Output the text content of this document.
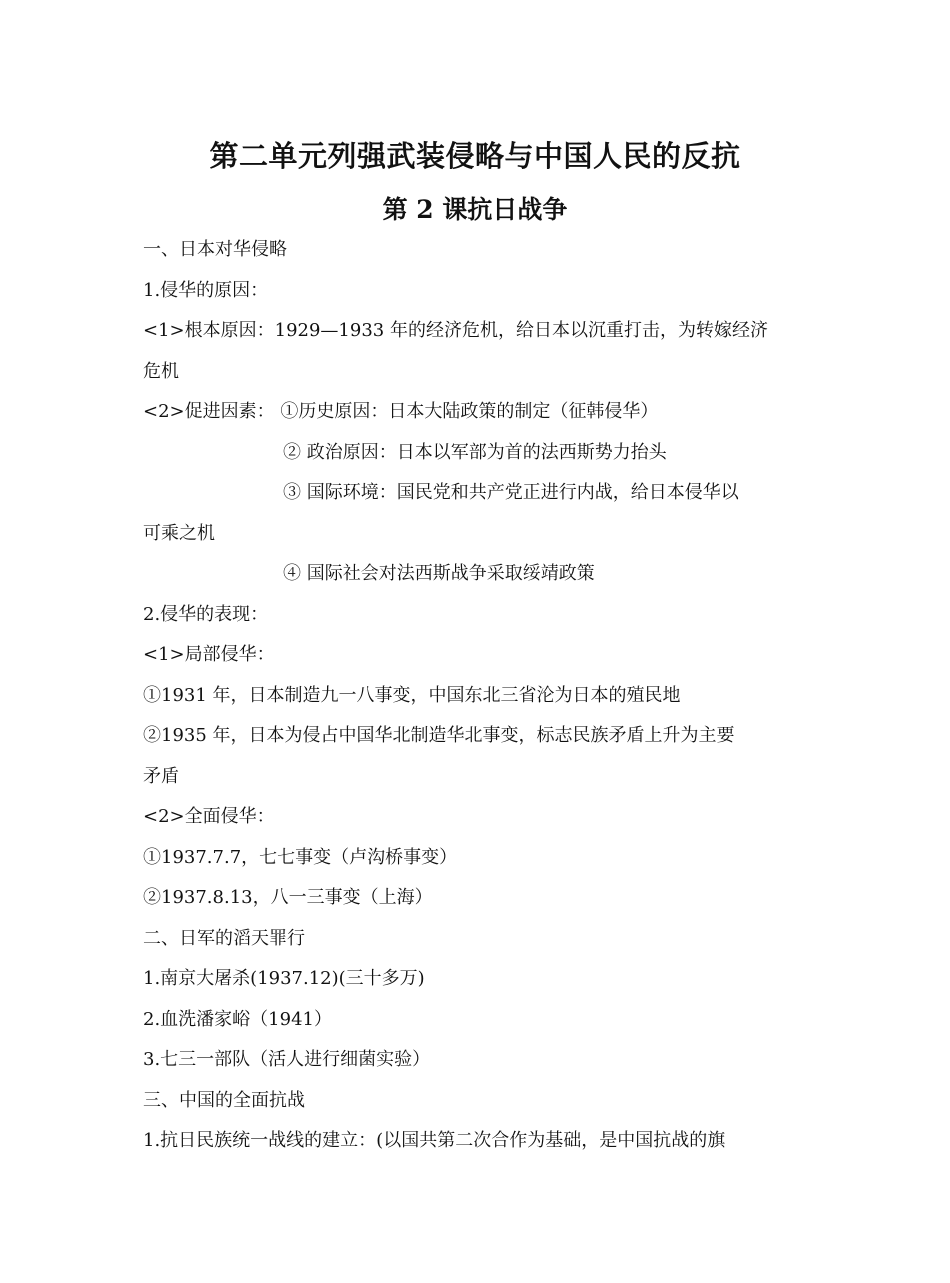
第二单元列强武装侵略与中国人民的反抗
第 2 课抗日战争
一、日本对华侵略
1.侵华的原因：
<1>根本原因：1929—1933 年的经济危机，给日本以沉重打击，为转嫁经济
危机
<2>促进因素： ①历史原因：日本大陆政策的制定（征韩侵华）
② 政治原因：日本以军部为首的法西斯势力抬头
③ 国际环境：国民党和共产党正进行内战，给日本侵华以
可乘之机
④ 国际社会对法西斯战争采取绥靖政策
2.侵华的表现：
<1>局部侵华：
①1931 年，日本制造九一八事变，中国东北三省沦为日本的殖民地
②1935 年，日本为侵占中国华北制造华北事变，标志民族矛盾上升为主要
矛盾
<2>全面侵华：
①1937.7.7，七七事变（卢沟桥事变）
②1937.8.13，八一三事变（上海）
二、日军的滔天罪行
1.南京大屠杀(1937.12)(三十多万)
2.血洗潘家峪（1941）
3.七三一部队（活人进行细菌实验）
三、中国的全面抗战
1.抗日民族统一战线的建立：(以国共第二次合作为基础，是中国抗战的旗
